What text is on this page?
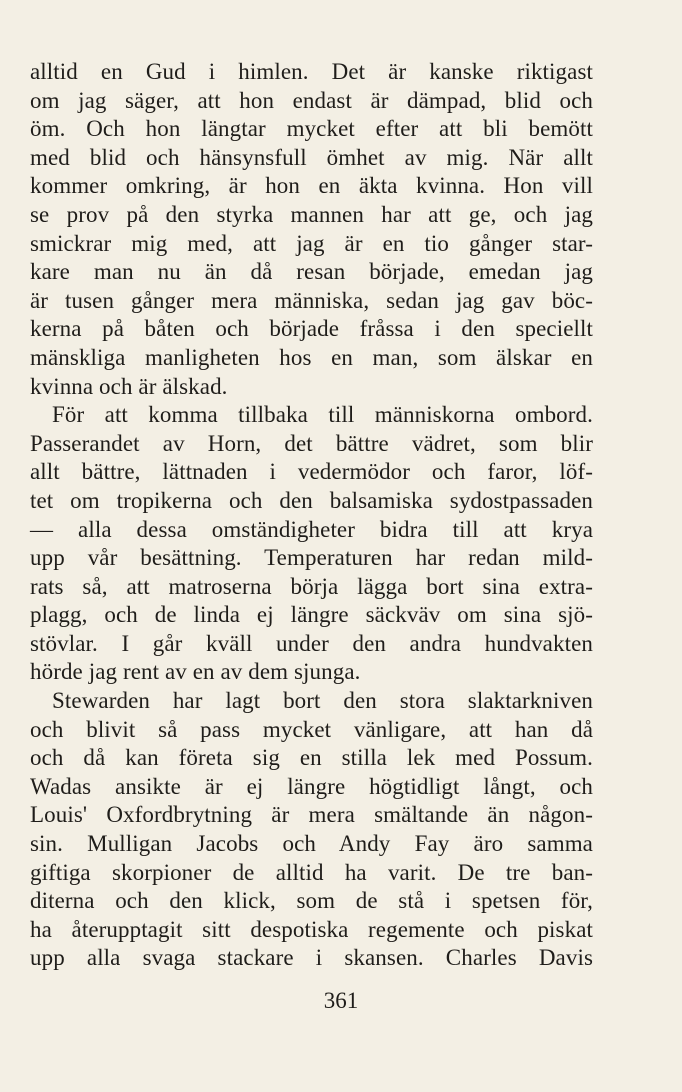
alltid en Gud i himlen. Det är kanske riktigast
om jag säger, att hon endast är dämpad, blid och
öm. Och hon längtar mycket efter att bli bemött
med blid och hänsynsfull ömhet av mig. När allt
kommer omkring, är hon en äkta kvinna. Hon vill
se prov på den styrka mannen har att ge, och jag
smickrar mig med, att jag är en tio gånger star-
kare man nu än då resan började, emedan jag
är tusen gånger mera människa, sedan jag gav böc-
kerna på båten och började fråssa i den speciellt
mänskliga manligheten hos en man, som älskar en
kvinna och är älskad.
För att komma tillbaka till människorna ombord.
Passerandet av Horn, det bättre vädret, som blir
allt bättre, lättnaden i vedermödor och faror, löf-
tet om tropikerna och den balsamiska sydostpassaden
— alla dessa omständigheter bidra till att krya
upp vår besättning. Temperaturen har redan mild-
rats så, att matroserna börja lägga bort sina extra-
plagg, och de linda ej längre säckväv om sina sjö-
stövlar. I går kväll under den andra hundvakten
hörde jag rent av en av dem sjunga.
Stewarden har lagt bort den stora slaktarkniven
och blivit så pass mycket vänligare, att han då
och då kan företa sig en stilla lek med Possum.
Wadas ansikte är ej längre högtidligt långt, och
Louis' Oxfordbrytning är mera smältande än någon-
sin. Mulligan Jacobs och Andy Fay äro samma
giftiga skorpioner de alltid ha varit. De tre ban-
diterna och den klick, som de stå i spetsen för,
ha återupptagit sitt despotiska regemente och piskat
upp alla svaga stackare i skansen. Charles Davis
361
